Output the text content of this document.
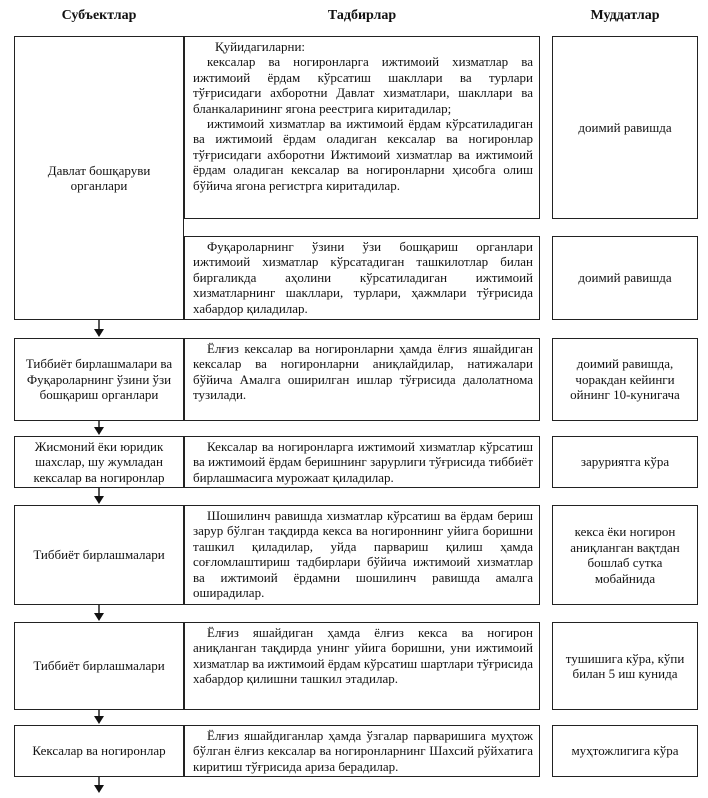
Субъектлар	Тадбирлар	Муддатлар
Давлат бошқаруви органлари
Тиббиёт бирлашмалари ва Фуқароларнинг ўзини ўзи бошқариш органлари
Жисмоний ёки юридик шахслар, шу жумладан кексалар ва ногиронлар
Тиббиёт бирлашмалари
Тиббиёт бирлашмалари
Кексалар ва ногиронлар

Қуйидагиларни:

кексалар ва ногиронларга ижтимоий хизматлар ва ижтимоий ёрдам кўрсатиш шакллари ва турлари тўғрисидаги ахборотни Давлат хизматлари, шакллари ва бланкаларининг ягона реестрига киритадилар;

ижтимоий хизматлар ва ижтимоий ёрдам кўрсатиладиган ва ижтимоий ёрдам оладиган кексалар ва ногиронлар тўғрисидаги ахборотни Ижтимоий хизматлар ва ижтимоий ёрдам оладиган кексалар ва ногиронларни ҳисобга олиш бўйича ягона регистрга киритадилар.

Фуқароларнинг ўзини ўзи бошқариш органлари ижтимоий хизматлар кўрсатадиган ташкилотлар билан биргаликда аҳолини кўрсатиладиган ижтимоий хизматларнинг шакллари, турлари, ҳажмлари тўғрисида хабардор қиладилар.

Ёлғиз кексалар ва ногиронларни ҳамда ёлғиз яшайдиган кексалар ва ногиронларни аниқлайдилар, натижалари бўйича Амалга оширилган ишлар тўғрисида далолатнома тузилади.

Кексалар ва ногиронларга ижтимоий хизматлар кўрсатиш ва ижтимоий ёрдам беришнинг зарурлиги тўғрисида тиббиёт бирлашмасига мурожаат қиладилар.

Шошилинч равишда хизматлар кўрсатиш ва ёрдам бериш зарур бўлган тақдирда кекса ва ногироннинг уйига боришни ташкил қиладилар, уйда парвариш қилиш ҳамда соғломлаштириш тадбирлари бўйича ижтимоий хизматлар ва ижтимоий ёрдамни шошилинч равишда амалга оширадилар.

Ёлғиз яшайдиган ҳамда ёлғиз кекса ва ногирон аниқланган тақдирда унинг уйига боришни, уни ижтимоий хизматлар ва ижтимоий ёрдам кўрсатиш шартлари тўғрисида хабардор қилишни ташкил этадилар.

Ёлғиз яшайдиганлар ҳамда ўзгалар парваришига муҳтож бўлган ёлғиз кексалар ва ногиронларнинг Шахсий рўйхатига киритиш тўғрисида ариза берадилар.

доимий равишда
доимий равишда
доимий равишда, чоракдан кейинги ойнинг 10-кунигача
заруриятга кўра
кекса ёки ногирон аниқланган вақтдан бошлаб сутка мобайнида
тушишига кўра, кўпи билан 5 иш кунида
муҳтожлигига кўра
